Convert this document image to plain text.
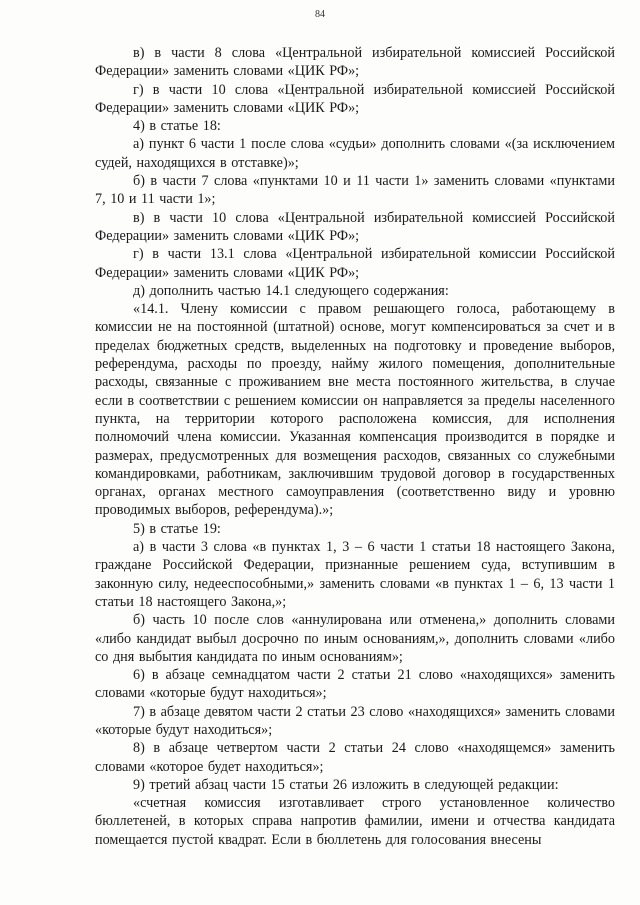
84

в) в части 8 слова «Центральной избирательной комиссией Российской Федерации» заменить словами «ЦИК РФ»;

г) в части 10 слова «Центральной избирательной комиссией Российской Федерации» заменить словами «ЦИК РФ»;

4) в статье 18:

а) пункт 6 части 1 после слова «судьи» дополнить словами «(за исключением судей, находящихся в отставке)»;

б) в части 7 слова «пунктами 10 и 11 части 1» заменить словами «пунктами 7, 10 и 11 части 1»;

в) в части 10 слова «Центральной избирательной комиссией Российской Федерации» заменить словами «ЦИК РФ»;

г) в части 13.1 слова «Центральной избирательной комиссии Российской Федерации» заменить словами «ЦИК РФ»;

д) дополнить частью 14.1 следующего содержания:

«14.1. Члену комиссии с правом решающего голоса, работающему в комиссии не на постоянной (штатной) основе, могут компенсироваться за счет и в пределах бюджетных средств, выделенных на подготовку и проведение выборов, референдума, расходы по проезду, найму жилого помещения, дополнительные расходы, связанные с проживанием вне места постоянного жительства, в случае если в соответствии с решением комиссии он направляется за пределы населенного пункта, на территории которого расположена комиссия, для исполнения полномочий члена комиссии. Указанная компенсация производится в порядке и размерах, предусмотренных для возмещения расходов, связанных со служебными командировками, работникам, заключившим трудовой договор в государственных органах, органах местного самоуправления (соответственно виду и уровню проводимых выборов, референдума).»;

5) в статье 19:

а) в части 3 слова «в пунктах 1, 3 – 6 части 1 статьи 18 настоящего Закона, граждане Российской Федерации, признанные решением суда, вступившим в законную силу, недееспособными,» заменить словами «в пунктах 1 – 6, 13 части 1 статьи 18 настоящего Закона,»;

б) часть 10 после слов «аннулирована или отменена,» дополнить словами «либо кандидат выбыл досрочно по иным основаниям,», дополнить словами «либо со дня выбытия кандидата по иным основаниям»;

6) в абзаце семнадцатом части 2 статьи 21 слово «находящихся» заменить словами «которые будут находиться»;

7) в абзаце девятом части 2 статьи 23 слово «находящихся» заменить словами «которые будут находиться»;

8) в абзаце четвертом части 2 статьи 24 слово «находящемся» заменить словами «которое будет находиться»;

9) третий абзац части 15 статьи 26 изложить в следующей редакции:

«счетная комиссия изготавливает строго установленное количество бюллетеней, в которых справа напротив фамилии, имени и отчества кандидата помещается пустой квадрат. Если в бюллетень для голосования внесены
